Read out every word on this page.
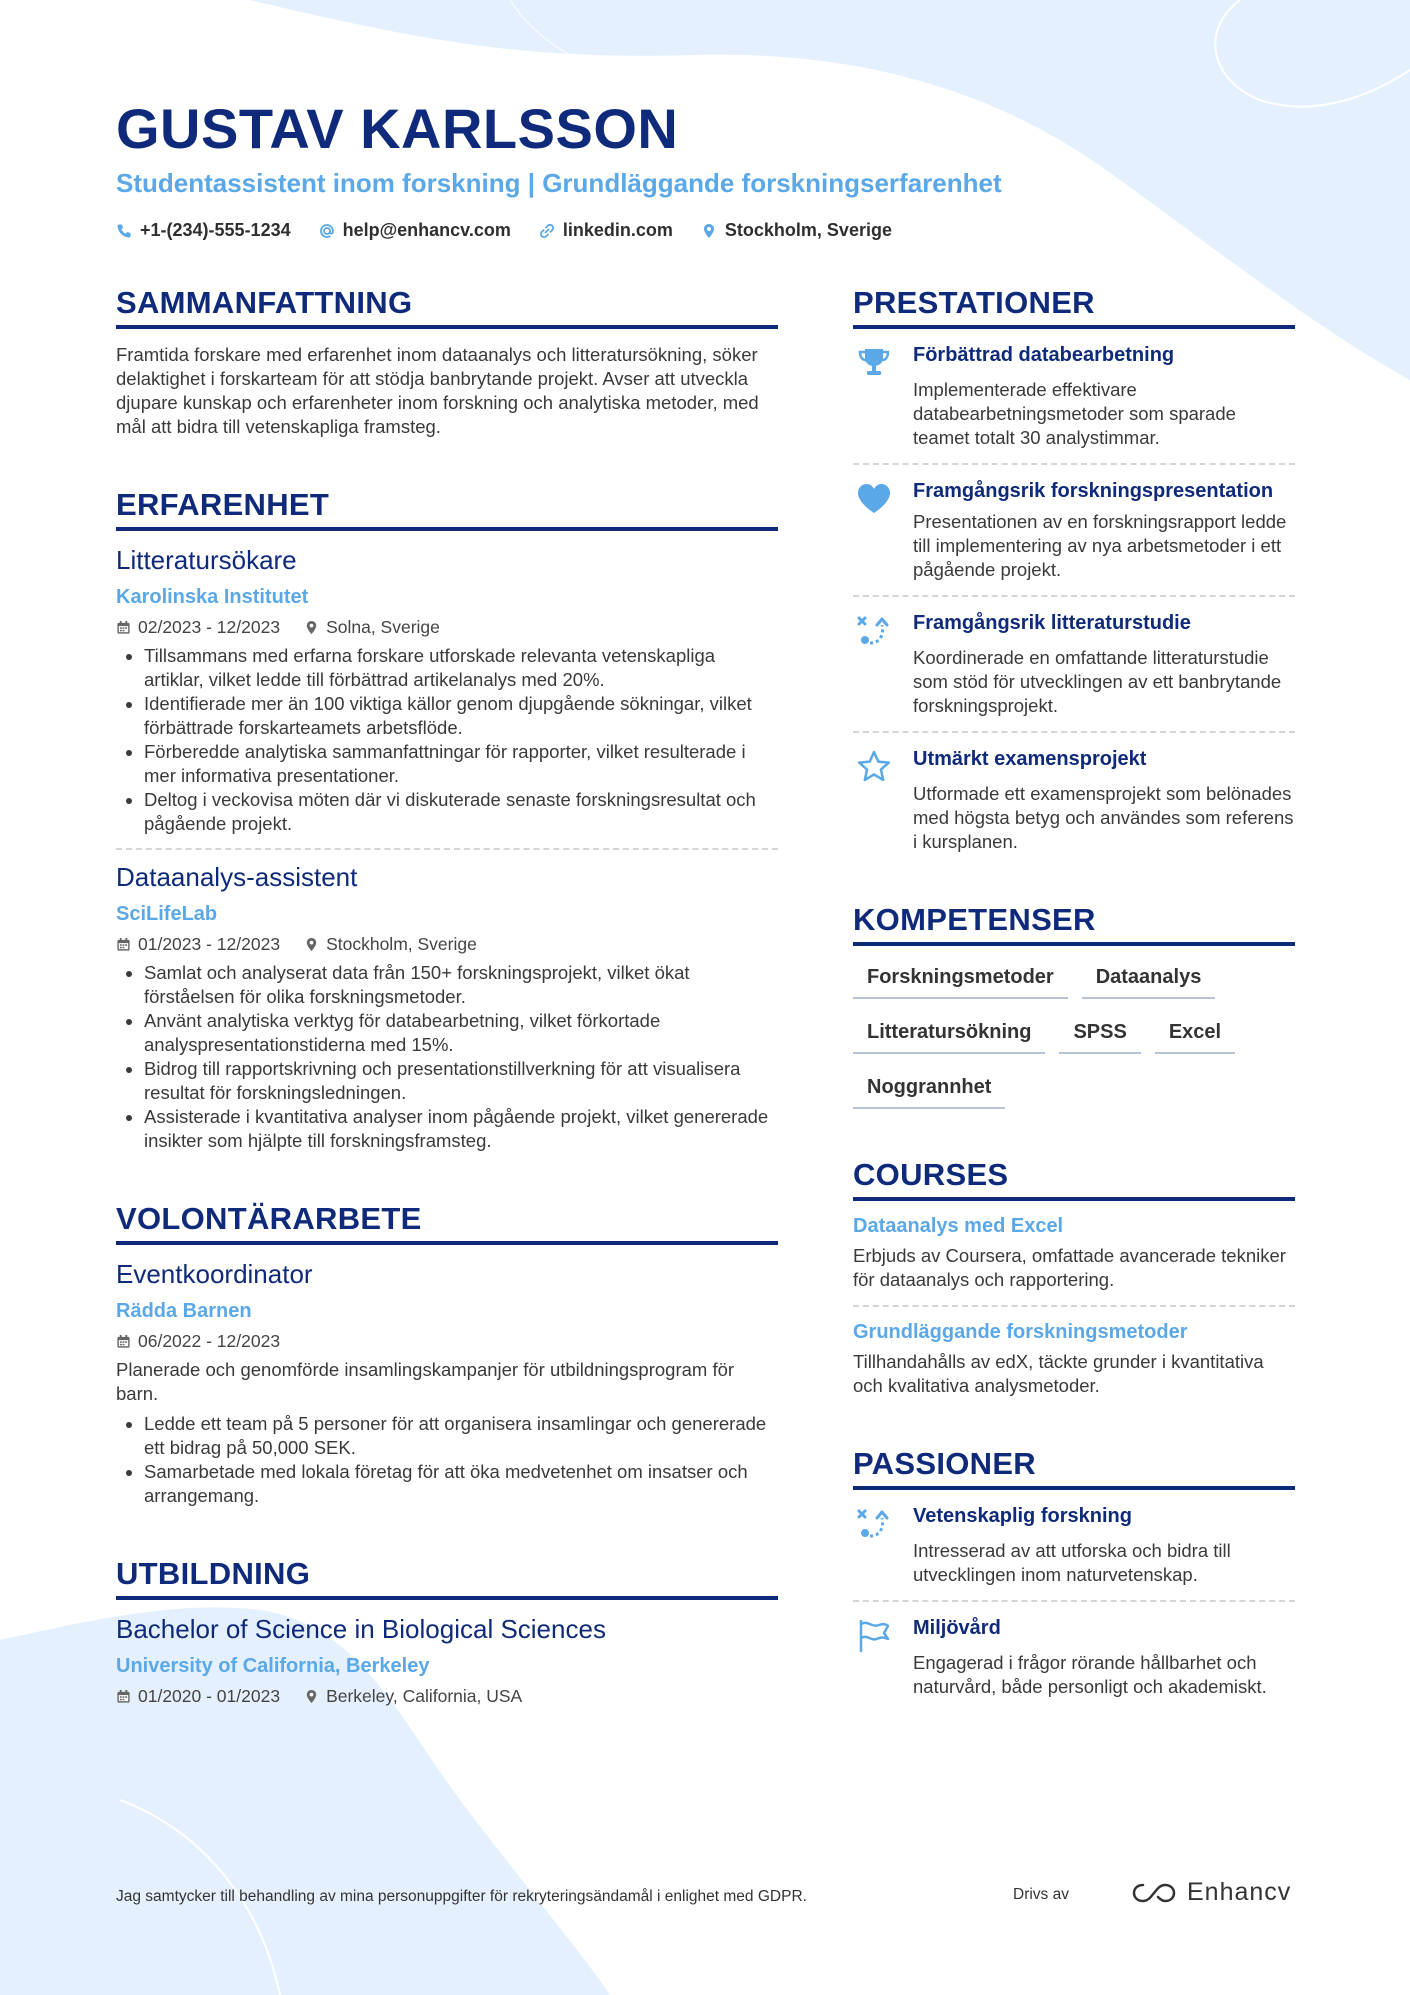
GUSTAV KARLSSON
Studentassistent inom forskning | Grundläggande forskningserfarenhet
+1-(234)-555-1234	help@enhancv.com	linkedin.com	Stockholm, Sverige
SAMMANFATTNING
Framtida forskare med erfarenhet inom dataanalys och litteratursökning, söker delaktighet i forskarteam för att stödja banbrytande projekt. Avser att utveckla djupare kunskap och erfarenheter inom forskning och analytiska metoder, med mål att bidra till vetenskapliga framsteg.
ERFARENHET
Litteratursökare
Karolinska Institutet
02/2023 - 12/2023	Solna, Sverige
• Tillsammans med erfarna forskare utforskade relevanta vetenskapliga artiklar, vilket ledde till förbättrad artikelanalys med 20%.
• Identifierade mer än 100 viktiga källor genom djupgående sökningar, vilket förbättrade forskarteamets arbetsflöde.
• Förberedde analytiska sammanfattningar för rapporter, vilket resulterade i mer informativa presentationer.
• Deltog i veckovisa möten där vi diskuterade senaste forskningsresultat och pågående projekt.
Dataanalys-assistent
SciLifeLab
01/2023 - 12/2023	Stockholm, Sverige
• Samlat och analyserat data från 150+ forskningsprojekt, vilket ökat förståelsen för olika forskningsmetoder.
• Använt analytiska verktyg för databearbetning, vilket förkortade analyspresentationstiderna med 15%.
• Bidrog till rapportskrivning och presentationstillverkning för att visualisera resultat för forskningsledningen.
• Assisterade i kvantitativa analyser inom pågående projekt, vilket genererade insikter som hjälpte till forskningsframsteg.
VOLONTÄRARBETE
Eventkoordinator
Rädda Barnen
06/2022 - 12/2023
Planerade och genomförde insamlingskampanjer för utbildningsprogram för barn.
• Ledde ett team på 5 personer för att organisera insamlingar och genererade ett bidrag på 50,000 SEK.
• Samarbetade med lokala företag för att öka medvetenhet om insatser och arrangemang.
UTBILDNING
Bachelor of Science in Biological Sciences
University of California, Berkeley
01/2020 - 01/2023	Berkeley, California, USA
PRESTATIONER
Förbättrad databearbetning
Implementerade effektivare databearbetningsmetoder som sparade teamet totalt 30 analystimmar.
Framgångsrik forskningspresentation
Presentationen av en forskningsrapport ledde till implementering av nya arbetsmetoder i ett pågående projekt.
Framgångsrik litteraturstudie
Koordinerade en omfattande litteraturstudie som stöd för utvecklingen av ett banbrytande forskningsprojekt.
Utmärkt examensprojekt
Utformade ett examensprojekt som belönades med högsta betyg och användes som referens i kursplanen.
KOMPETENSER
Forskningsmetoder	Dataanalys
Litteratursökning	SPSS	Excel
Noggrannhet
COURSES
Dataanalys med Excel
Erbjuds av Coursera, omfattade avancerade tekniker för dataanalys och rapportering.
Grundläggande forskningsmetoder
Tillhandahålls av edX, täckte grunder i kvantitativa och kvalitativa analysmetoder.
PASSIONER
Vetenskaplig forskning
Intresserad av att utforska och bidra till utvecklingen inom naturvetenskap.
Miljövård
Engagerad i frågor rörande hållbarhet och naturvård, både personligt och akademiskt.
Jag samtycker till behandling av mina personuppgifter för rekryteringsändamål i enlighet med GDPR.	Drivs av	Enhancv
